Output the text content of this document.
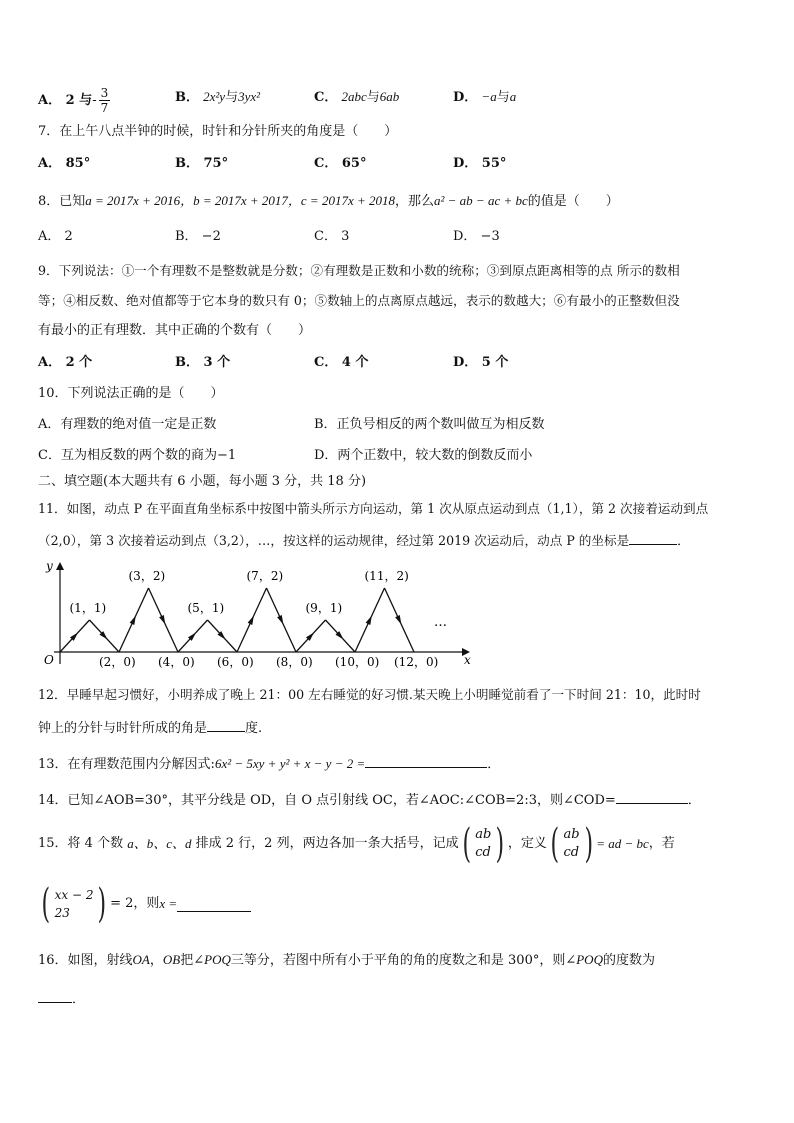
A． 2 与- $\frac{3}{7}$	B． 2x²y与3yx²	C． 2abc与6ab	D． −a与a
7．在上午八点半钟的时候，时针和分针所夹的角度是（　　）
A． 85°	B． 75°	C． 65°	D． 55°
8．已知a = 2017x + 2016，b = 2017x + 2017，c = 2017x + 2018，那么a² − ab − ac + bc的值是（　　）
A． 2	B． −2	C． 3	D． −3
9．下列说法：①一个有理数不是整数就是分数；②有理数是正数和小数的统称；③到原点距离相等的点 所示的数相
等；④相反数、绝对值都等于它本身的数只有 0；⑤数轴上的点离原点越远，表示的数越大；⑥有最小的正整数但没
有最小的正有理数．其中正确的个数有（　　）
A． 2 个	B． 3 个	C． 4 个	D． 5 个
10．下列说法正确的是（　　）
A．有理数的绝对值一定是正数	B．正负号相反的两个数叫做互为相反数
C．互为相反数的两个数的商为−1	D．两个正数中，较大数的倒数反而小
二、填空题(本大题共有 6 小题，每小题 3 分，共 18 分)
11．如图，动点 P 在平面直角坐标系中按图中箭头所示方向运动，第 1 次从原点运动到点（1,1），第 2 次接着运动到点
（2,0），第 3 次接着运动到点（3,2），…，按这样的运动规律，经过第 2019 次运动后，动点 P 的坐标是	．
y
x
O
(1，1)
(3，2)
(5，1)
(7，2)
(9，1)
(11，2)
(2，0) (4，0) (6，0) (8，0) (10，0) (12，0)
…
12．早睡早起习惯好，小明养成了晚上 21：00 左右睡觉的好习惯.某天晚上小明睡觉前看了一下时间 21：10，此时时
钟上的分针与时针所成的角是	度.
13．在有理数范围内分解因式:6x² − 5xy + y² + x − y − 2 =	．
14．已知∠AOB=30°，其平分线是 OD，自 O 点引射线 OC，若∠AOC:∠COB=2:3，则∠COD=	．
15．将 4 个数
a、b、c、d
排成 2 行，2 列，两边各加一条大括号，记成 ( ab
cd ) ，定义 ( ab
cd ) = ad − bc ，若
( xx − 2
23 ) = 2，则 x =
16．如图，射线OA，OB把∠POQ三等分，若图中所有小于平角的角的度数之和是 300°，则∠POQ的度数为
．
